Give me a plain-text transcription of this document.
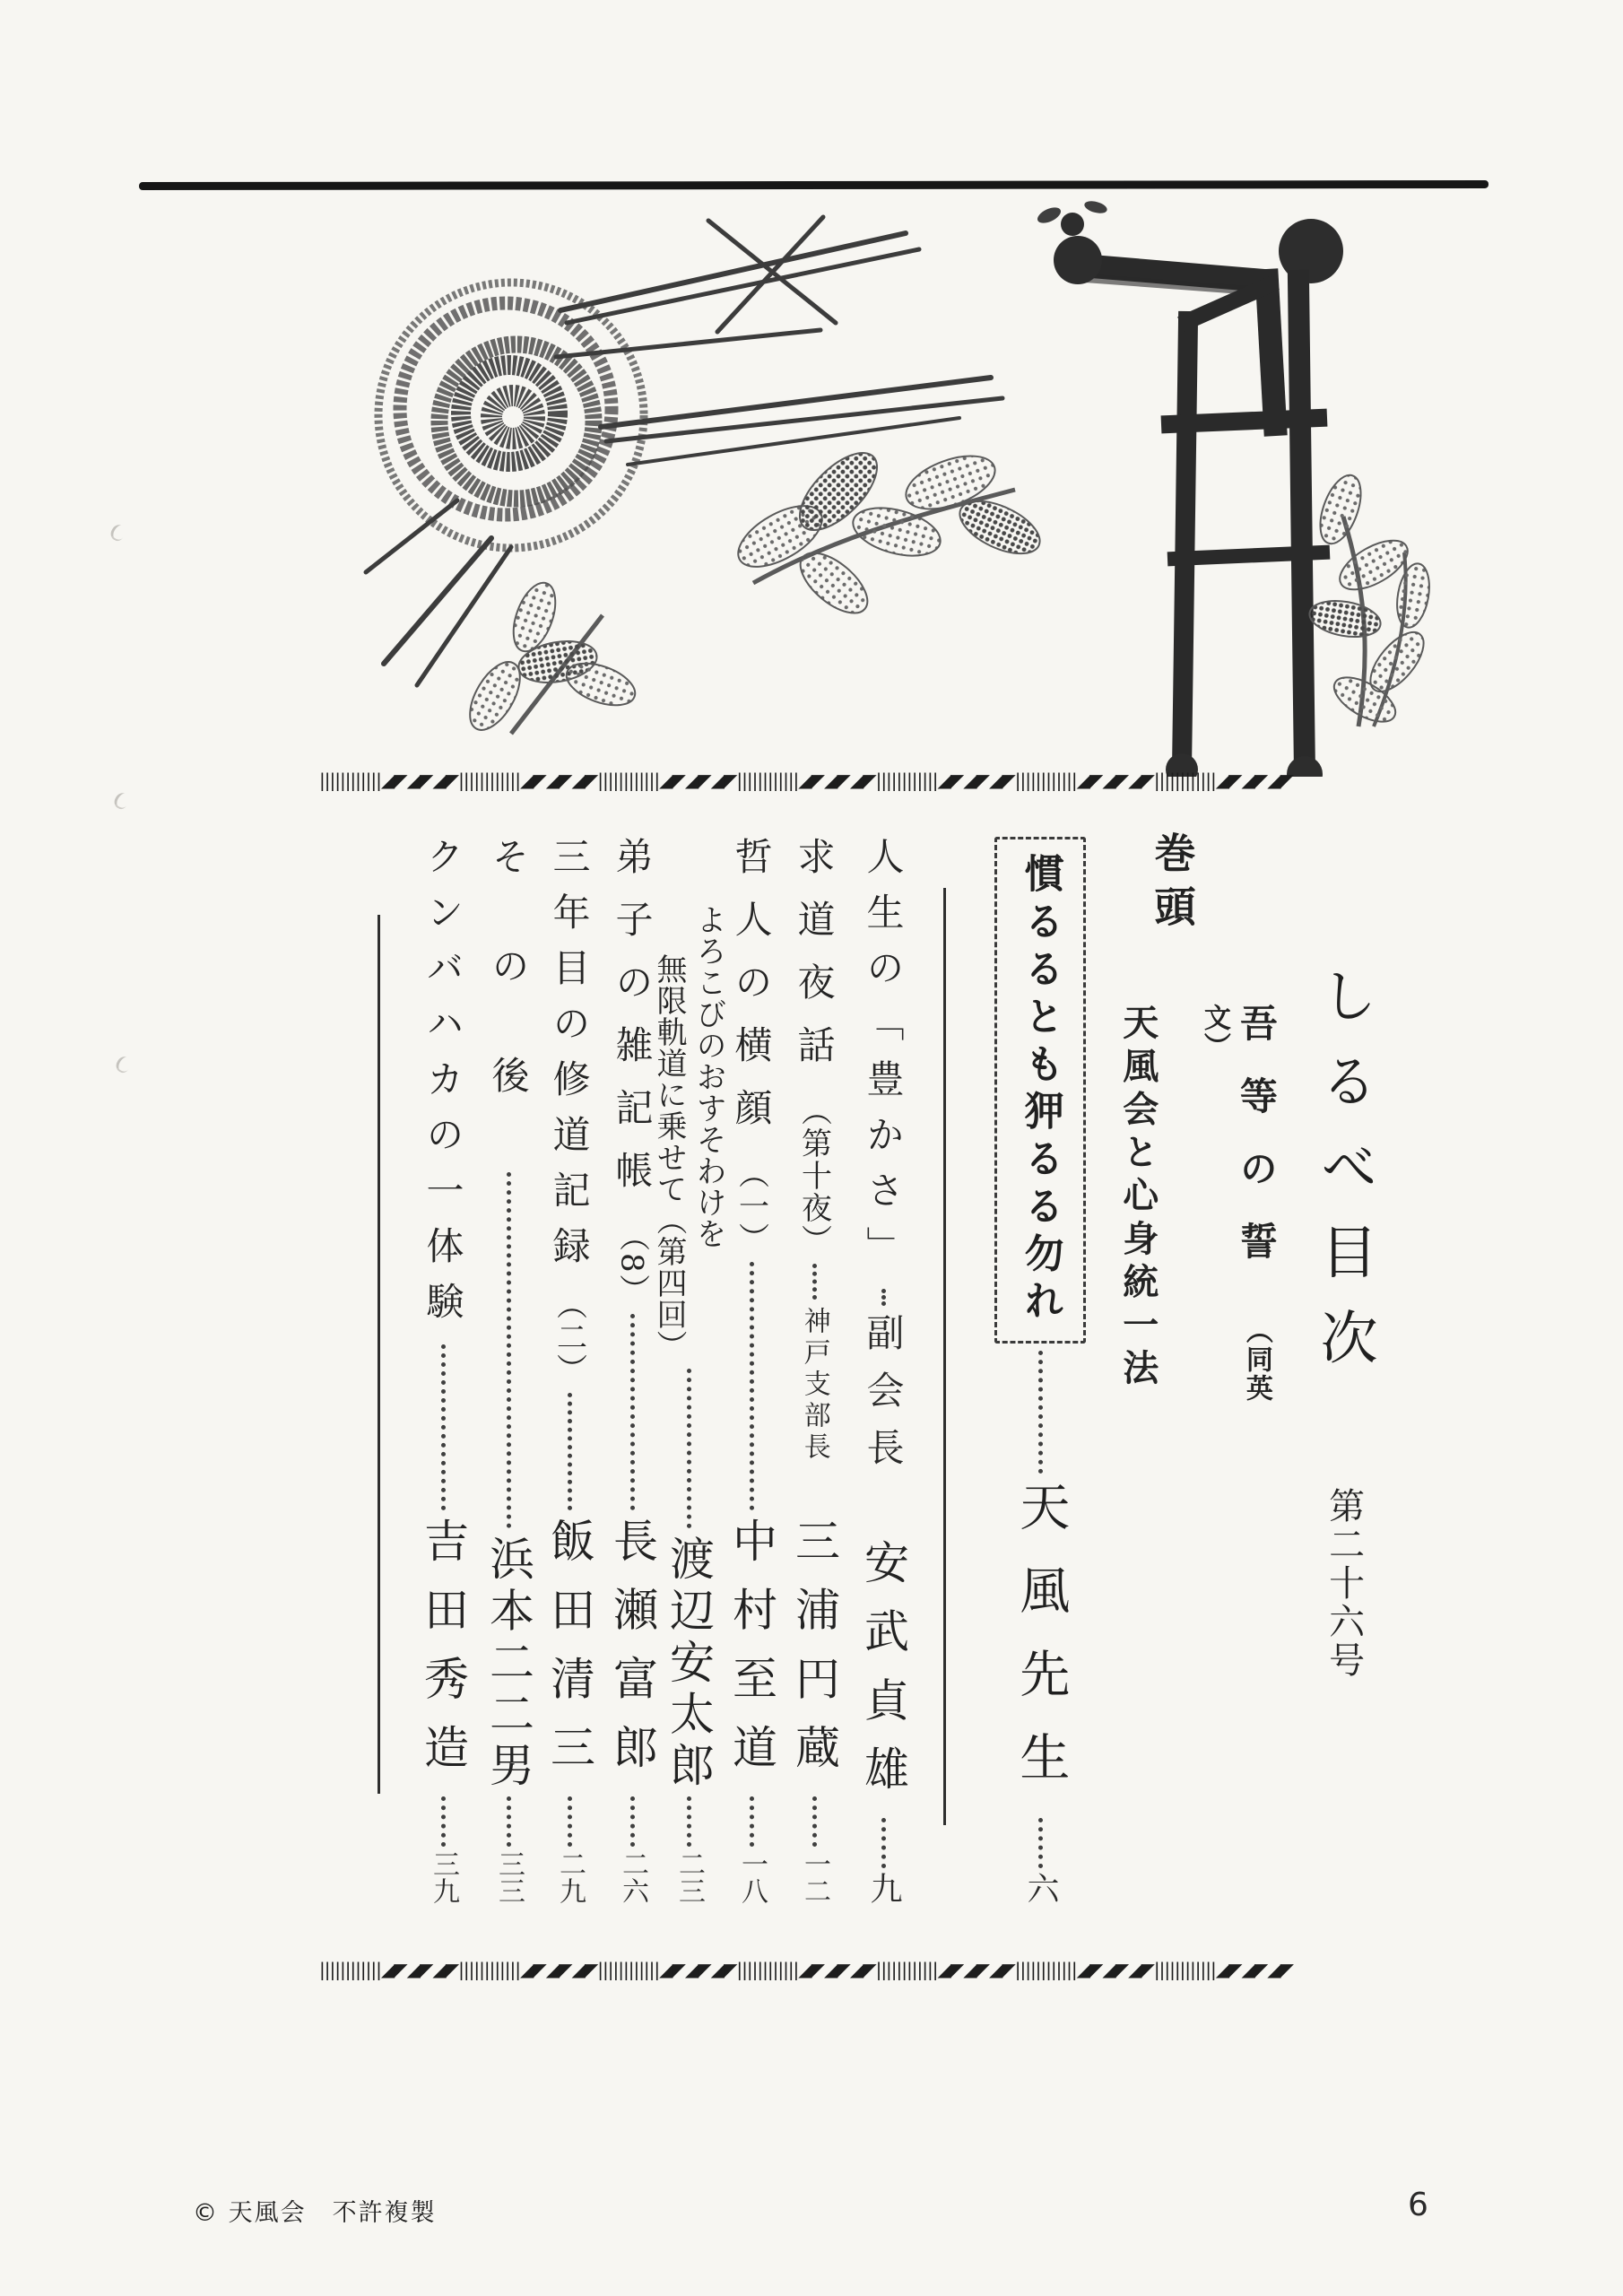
||||||||||||◢◤◢◤◢◤||||||||||||◢◤◢◤◢◤||||||||||||◢◤◢◤◢◤||||||||||||◢◤◢◤◢◤||||||||||||◢◤◢◤◢◤||||||||||||◢◤◢◤◢◤||||||||||||◢◤◢◤◢◤
しるべ目次 第二十六号
巻頭
吾等の誓 （同英文）
天風会と心身統一法
慣るるとも狎るる勿れ
天風先生
六
人生の「豊かさ」
副会長
安武貞雄
九
求道夜話（第十夜）
神戸支部長
三浦円蔵
一二
哲人の横顔（一）
中村至道
一八
よろこびのおすそわけを
無限軌道に乗せて（第四回）
渡辺安太郎
二三
弟子の雑記帳（8）
長瀬富郎
二六
三年目の修道記録（二）
飯田清三
二九
その後
浜本二二男
三三
クンバハカの一体験
吉田秀造
三九
||||||||||||◢◤◢◤◢◤||||||||||||◢◤◢◤◢◤||||||||||||◢◤◢◤◢◤||||||||||||◢◤◢◤◢◤||||||||||||◢◤◢◤◢◤||||||||||||◢◤◢◤◢◤||||||||||||◢◤◢◤◢◤
© 天風会　不許複製	6
